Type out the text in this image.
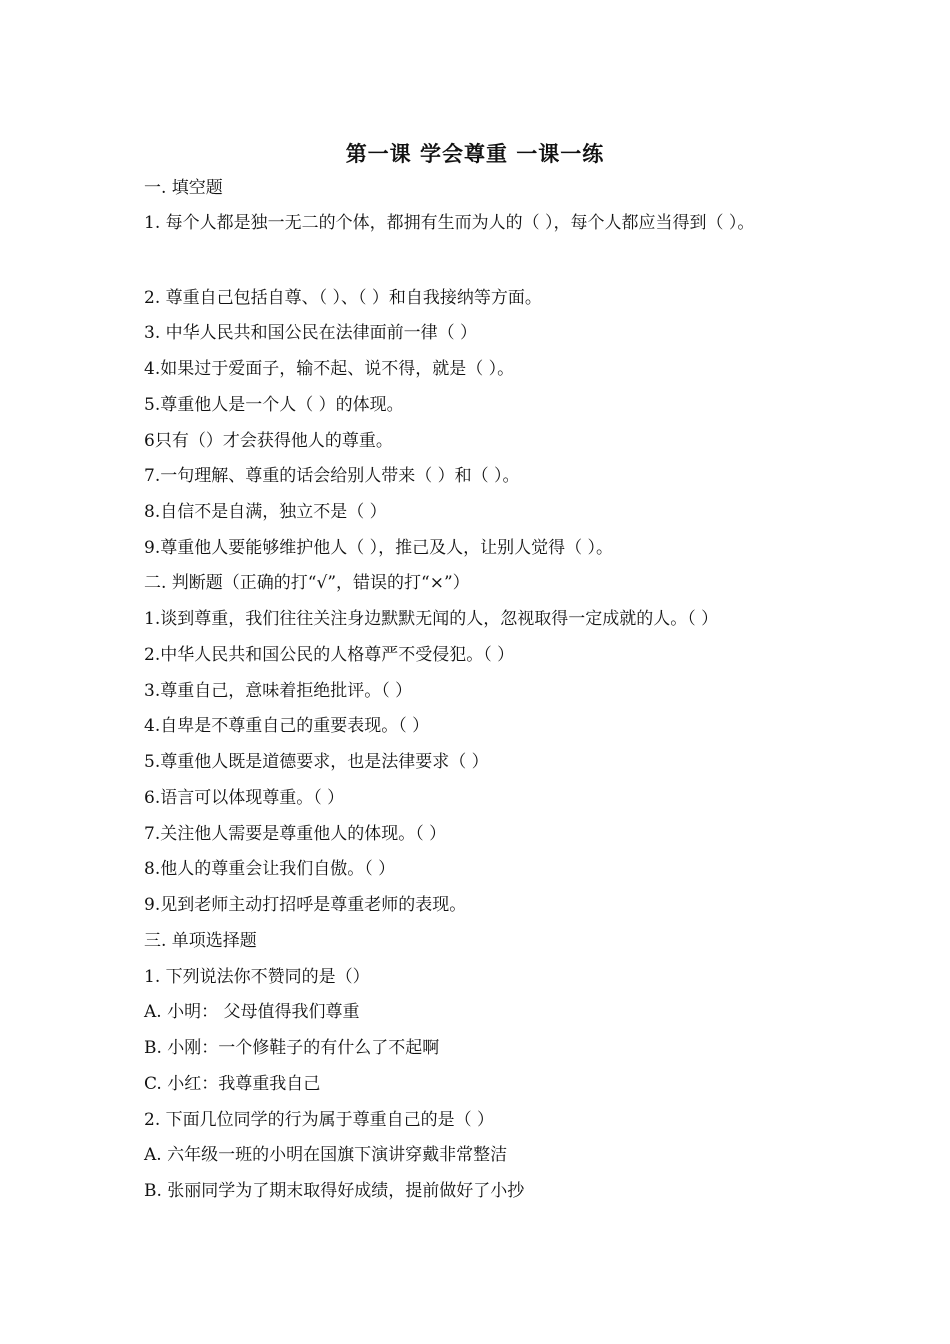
第一课 学会尊重 一课一练
一. 填空题
1. 每个人都是独一无二的个体，都拥有生而为人的（ ），每个人都应当得到（ ）。
2. 尊重自己包括自尊、（ ）、（ ）和自我接纳等方面。
3. 中华人民共和国公民在法律面前一律（ ）
4.如果过于爱面子，输不起、说不得，就是（ ）。
5.尊重他人是一个人（ ）的体现。
6只有（）才会获得他人的尊重。
7.一句理解、尊重的话会给别人带来（ ）和（ ）。
8.自信不是自满，独立不是（ ）
9.尊重他人要能够维护他人（ ），推己及人，让别人觉得（ ）。
二. 判断题（正确的打“√”，错误的打“×”）
1.谈到尊重，我们往往关注身边默默无闻的人，忽视取得一定成就的人。（ ）
2.中华人民共和国公民的人格尊严不受侵犯。（ ）
3.尊重自己，意味着拒绝批评。（ ）
4.自卑是不尊重自己的重要表现。（ ）
5.尊重他人既是道德要求，也是法律要求（ ）
6.语言可以体现尊重。（ ）
7.关注他人需要是尊重他人的体现。（ ）
8.他人的尊重会让我们自傲。（ ）
9.见到老师主动打招呼是尊重老师的表现。
三. 单项选择题
1. 下列说法你不赞同的是（）
A. 小明： 父母值得我们尊重
B. 小刚：一个修鞋子的有什么了不起啊
C. 小红：我尊重我自己
2. 下面几位同学的行为属于尊重自己的是（ ）
A. 六年级一班的小明在国旗下演讲穿戴非常整洁
B. 张丽同学为了期末取得好成绩，提前做好了小抄
